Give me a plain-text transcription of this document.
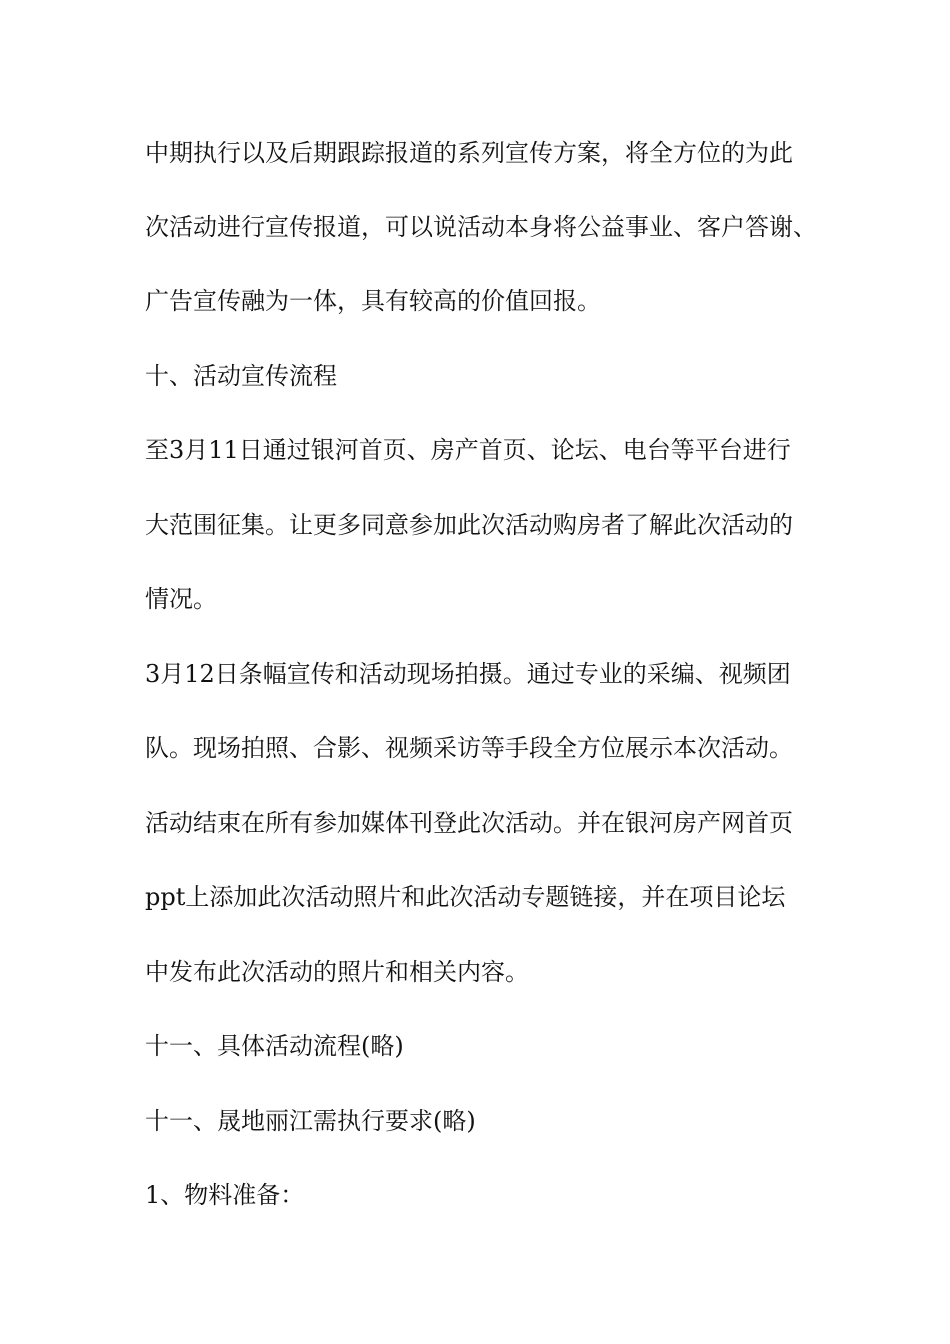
中期执行以及后期跟踪报道的系列宣传方案，将全方位的为此
次活动进行宣传报道，可以说活动本身将公益事业、客户答谢、
广告宣传融为一体，具有较高的价值回报。
十、活动宣传流程
至3月11日通过银河首页、房产首页、论坛、电台等平台进行
大范围征集。让更多同意参加此次活动购房者了解此次活动的
情况。
3月12日条幅宣传和活动现场拍摄。通过专业的采编、视频团
队。现场拍照、合影、视频采访等手段全方位展示本次活动。
活动结束在所有参加媒体刊登此次活动。并在银河房产网首页
ppt上添加此次活动照片和此次活动专题链接，并在项目论坛
中发布此次活动的照片和相关内容。
十一、具体活动流程(略)
十一、晟地丽江需执行要求(略)
1、物料准备：
